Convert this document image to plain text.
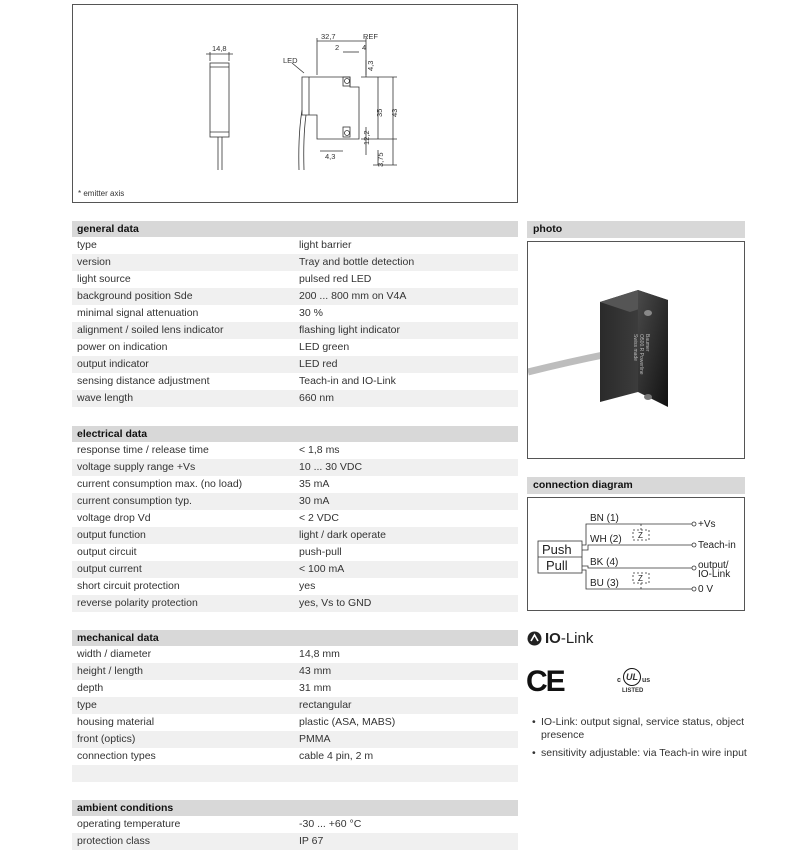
14,8
32,7	REF
2	4
LED
4,3
4,3
35 43
12,2
3,75
* emitter axis
general data
type	light barrier
version	Tray and bottle detection
light source	pulsed red LED
background position Sde	200 ... 800 mm on V4A
minimal signal attenuation	30 %
alignment / soiled lens indicator	flashing light indicator
power on indication	LED green
output indicator	LED red
sensing distance adjustment	Teach-in and IO-Link
wave length	660 nm
electrical data
response time / release time	< 1,8 ms
voltage supply range +Vs	10 ... 30 VDC
current consumption max. (no load)	35 mA
current consumption typ.	30 mA
voltage drop Vd	< 2 VDC
output function	light / dark operate
output circuit	push-pull
output current	< 100 mA
short circuit protection	yes
reverse polarity protection	yes, Vs to GND
mechanical data
width / diameter	14,8 mm
height / length	43 mm
depth	31 mm
type	rectangular
housing material	plastic (ASA, MABS)
front (optics)	PMMA
connection types	cable 4 pin, 2 m
ambient conditions
operating temperature	-30 ... +60 °C
protection class	IP 67
photo
Baumer
O500.R Powerline
Swiss made
connection diagram
Push
Pull
BN (1)
WH (2)
BK (4)
BU (3)
Z
Z
+Vs
Teach-in
output/
IO-Link
0 V
IO -Link
CE	c UL us
LISTED
• IO-Link: output signal, service status, object presence
• sensitivity adjustable: via Teach-in wire input
